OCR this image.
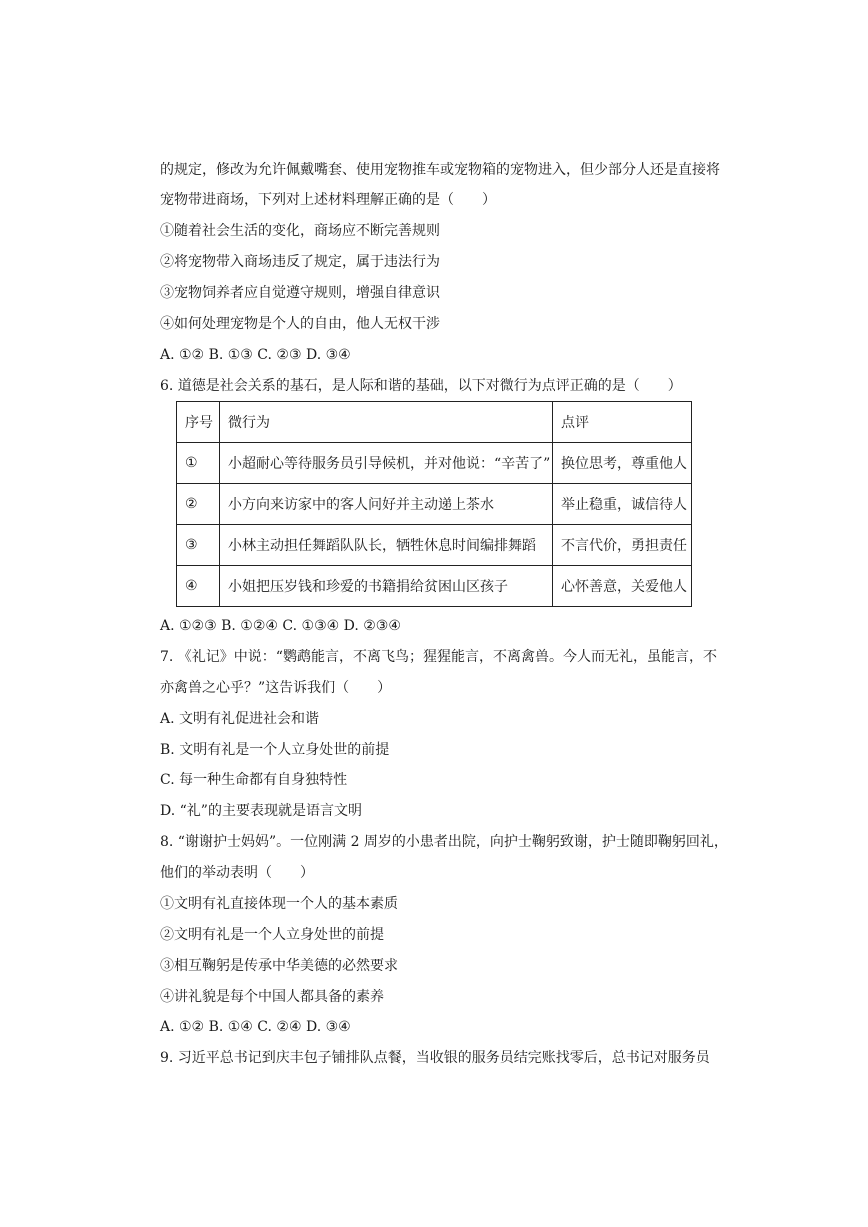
的规定，修改为允许佩戴嘴套、使用宠物推车或宠物箱的宠物进入，但少部分人还是直接将
宠物带进商场，下列对上述材料理解正确的是（　　）
①随着社会生活的变化，商场应不断完善规则
②将宠物带入商场违反了规定，属于违法行为
③宠物饲养者应自觉遵守规则，增强自律意识
④如何处理宠物是个人的自由，他人无权干涉
A. ①② B. ①③ C. ②③ D. ③④
6. 道德是社会关系的基石，是人际和谐的基础，以下对微行为点评正确的是（　　）
序号	微行为	点评
①	小超耐心等待服务员引导候机，并对他说：“辛苦了”	换位思考，尊重他人
②	小方向来访家中的客人问好并主动递上茶水	举止稳重，诚信待人
③	小林主动担任舞蹈队队长，牺牲休息时间编排舞蹈	不言代价，勇担责任
④	小姐把压岁钱和珍爱的书籍捐给贫困山区孩子	心怀善意，关爱他人
A. ①②③ B. ①②④ C. ①③④ D. ②③④
7. 《礼记》中说：“鹦鹉能言，不离飞鸟；猩猩能言，不离禽兽。今人而无礼，虽能言，不
亦禽兽之心乎？”这告诉我们（　　）
A. 文明有礼促进社会和谐
B. 文明有礼是一个人立身处世的前提
C. 每一种生命都有自身独特性
D. “礼”的主要表现就是语言文明
8. “谢谢护士妈妈”。一位刚满 2 周岁的小患者出院，向护士鞠躬致谢，护士随即鞠躬回礼，
他们的举动表明（　　）
①文明有礼直接体现一个人的基本素质
②文明有礼是一个人立身处世的前提
③相互鞠躬是传承中华美德的必然要求
④讲礼貌是每个中国人都具备的素养
A. ①② B. ①④ C. ②④ D. ③④
9. 习近平总书记到庆丰包子铺排队点餐，当收银的服务员结完账找零后，总书记对服务员
